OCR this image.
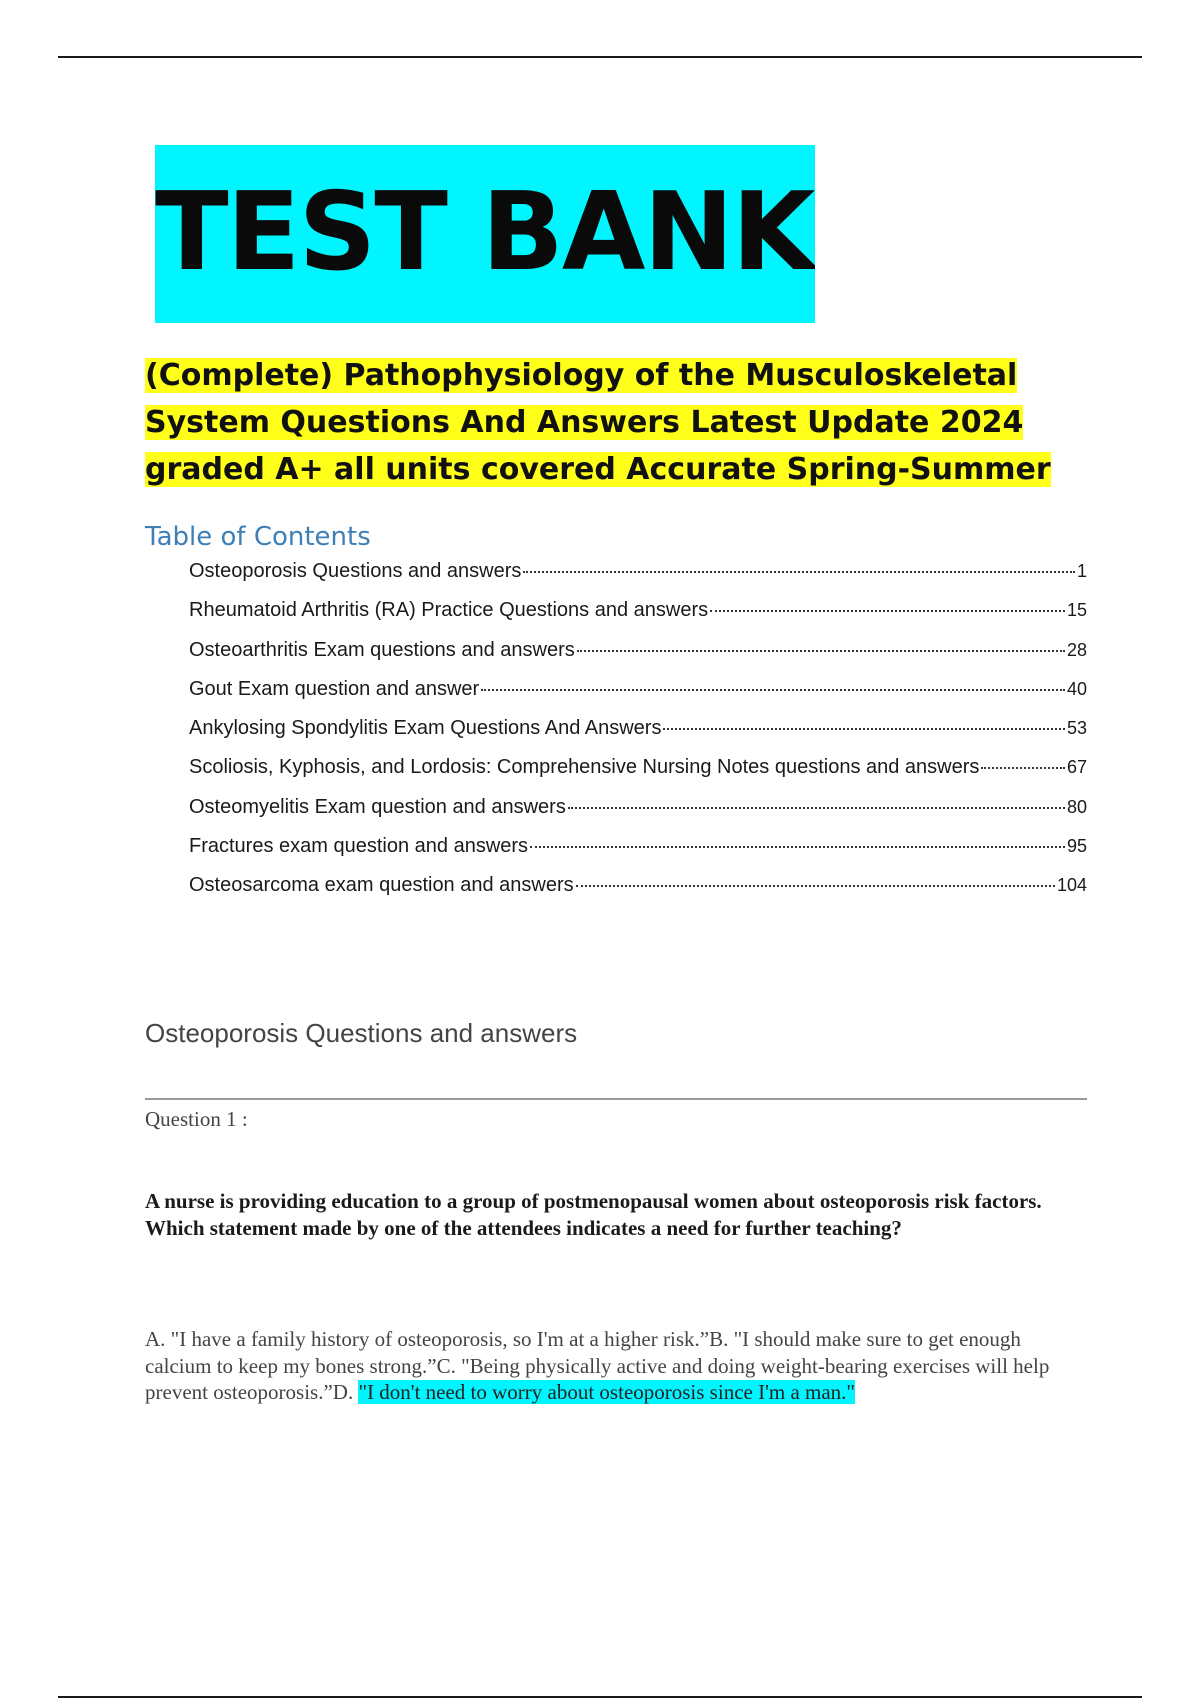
TEST BANK
(Complete) Pathophysiology of the Musculoskeletal System Questions And Answers Latest Update 2024 graded A+ all units covered Accurate Spring-Summer
Table of Contents
Osteoporosis Questions and answers	1
Rheumatoid Arthritis (RA) Practice Questions and answers	15
Osteoarthritis Exam questions and answers	28
Gout Exam question and answer	40
Ankylosing Spondylitis Exam Questions And Answers	53
Scoliosis, Kyphosis, and Lordosis: Comprehensive Nursing Notes questions and answers	67
Osteomyelitis Exam question and answers	80
Fractures exam question and answers	95
Osteosarcoma exam question and answers	104
Osteoporosis Questions and answers
Question 1 :
A nurse is providing education to a group of postmenopausal women about osteoporosis risk factors.
Which statement made by one of the attendees indicates a need for further teaching?
A. "I have a family history of osteoporosis, so I'm at a higher risk.”B. "I should make sure to get enough calcium to keep my bones strong.”C. "Being physically active and doing weight-bearing exercises will help prevent osteoporosis.”D. "I don't need to worry about osteoporosis since I'm a man."
